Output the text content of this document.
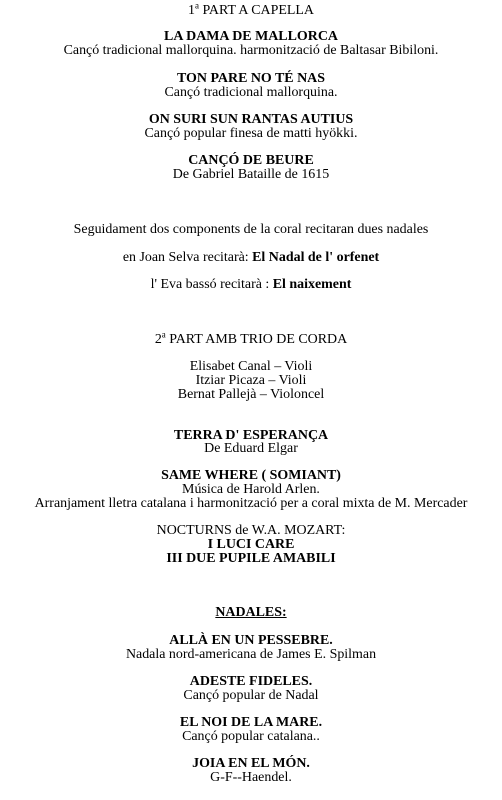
1$^a$ PART A CAPELLA
LA DAMA DE MALLORCA
Cançó tradicional mallorquina. harmonització de Baltasar Bibiloni.
TON PARE NO TÉ NAS
Cançó tradicional mallorquina.
ON SURI SUN RANTAS AUTIUS
Cançó popular finesa de matti hyökki.
CANÇÓ DE BEURE
De Gabriel Bataille de 1615
Seguidament dos components de la coral recitaran dues nadales
en Joan Selva recitarà: El Nadal de l' orfenet
l' Eva bassó recitarà : El naixement
2$^a$ PART AMB TRIO DE CORDA
Elisabet Canal – Violi
Itziar Picaza – Violi
Bernat Pallejà – Violoncel
TERRA D' ESPERANÇA
De Eduard Elgar
SAME WHERE ( SOMIANT)
Música de Harold Arlen.
Arranjament lletra catalana i harmonització per a coral mixta de M. Mercader
NOCTURNS de W.A. MOZART:
I LUCI CARE
III DUE PUPILE AMABILI
NADALES:
ALLÀ EN UN PESSEBRE.
Nadala nord-americana de James E. Spilman
ADESTE FIDELES.
Cançó popular de Nadal
EL NOI DE LA MARE.
Cançó popular catalana..
JOIA EN EL MÓN.
G-F--Haendel.
